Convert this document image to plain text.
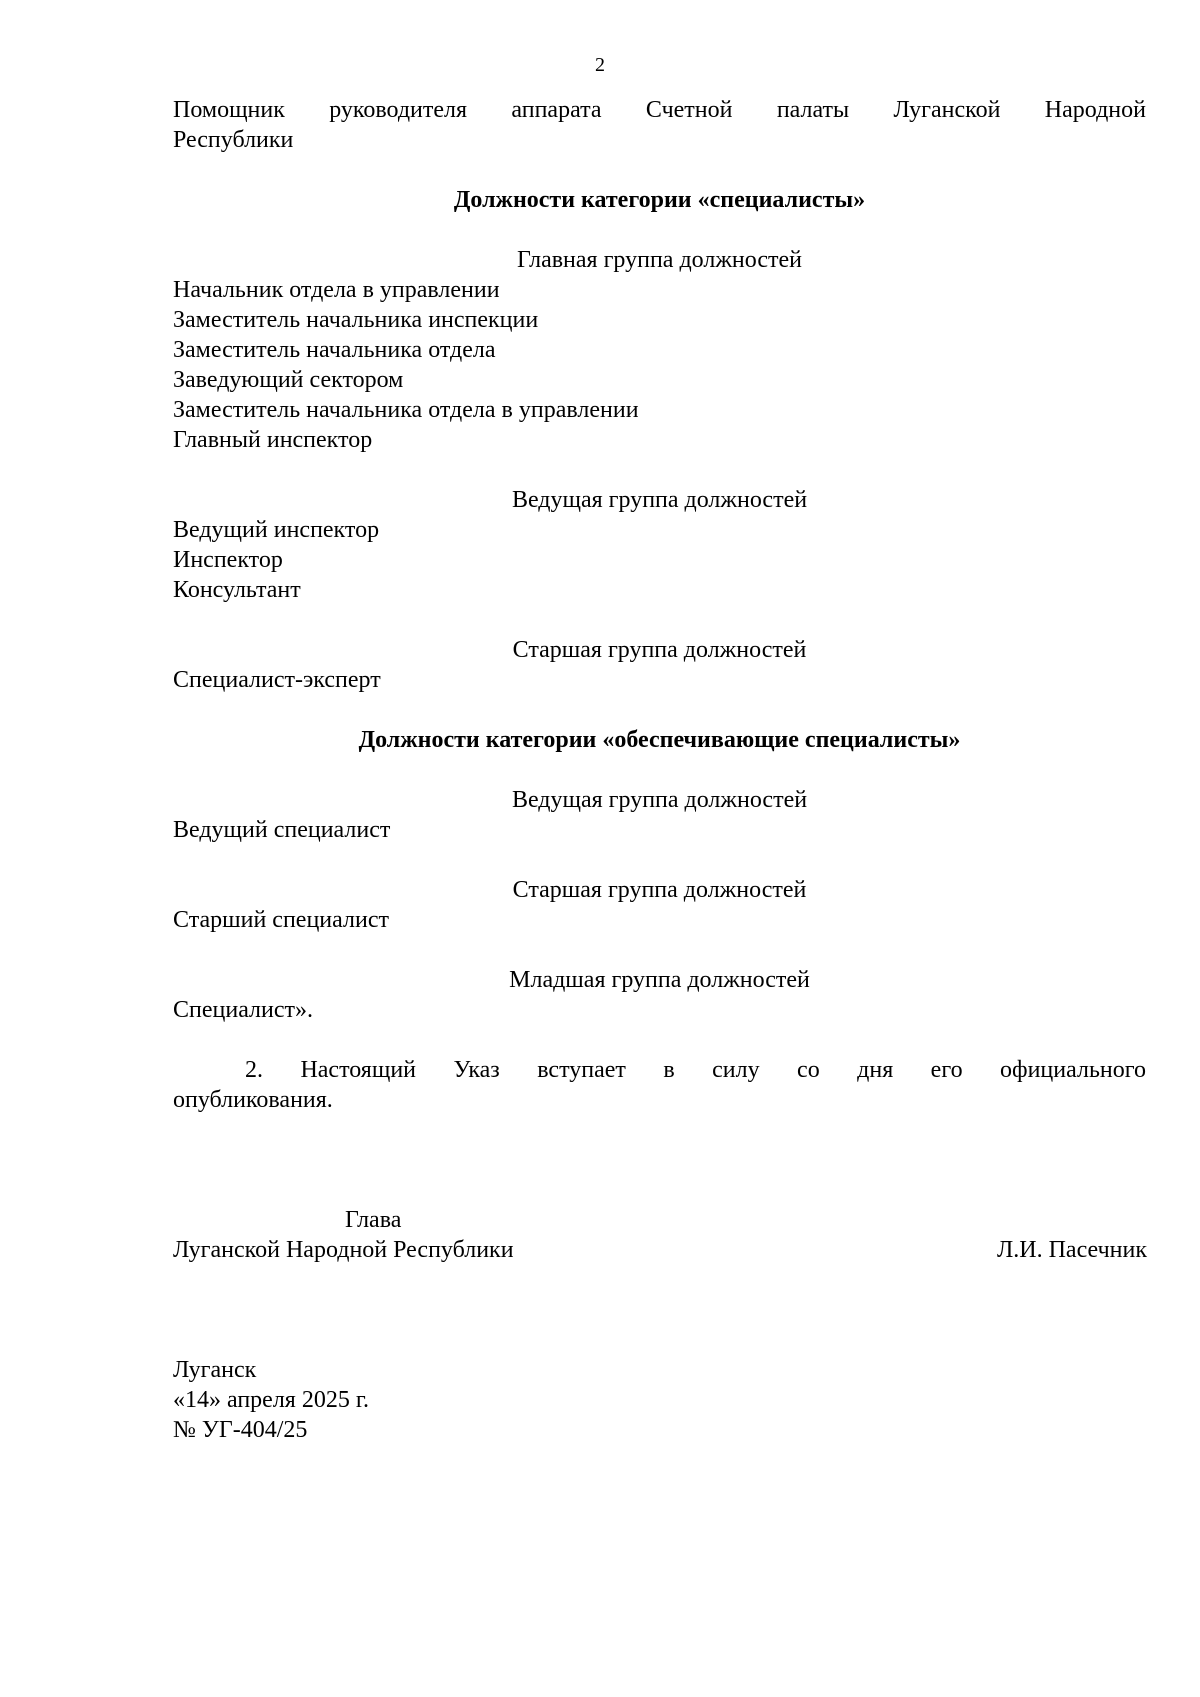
2
Помощник руководителя аппарата Счетной палаты Луганской Народной
Республики
Должности категории «специалисты»
Главная группа должностей
Начальник отдела в управлении
Заместитель начальника инспекции
Заместитель начальника отдела
Заведующий сектором
Заместитель начальника отдела в управлении
Главный инспектор
Ведущая группа должностей
Ведущий инспектор
Инспектор
Консультант
Старшая группа должностей
Специалист-эксперт
Должности категории «обеспечивающие специалисты»
Ведущая группа должностей
Ведущий специалист
Старшая группа должностей
Старший специалист
Младшая группа должностей
Специалист».
2. Настоящий Указ вступает в силу со дня его официального
опубликования.
Глава
Луганской Народной Республики	Л.И. Пасечник
Луганск
«14» апреля 2025 г.
№ УГ-404/25
